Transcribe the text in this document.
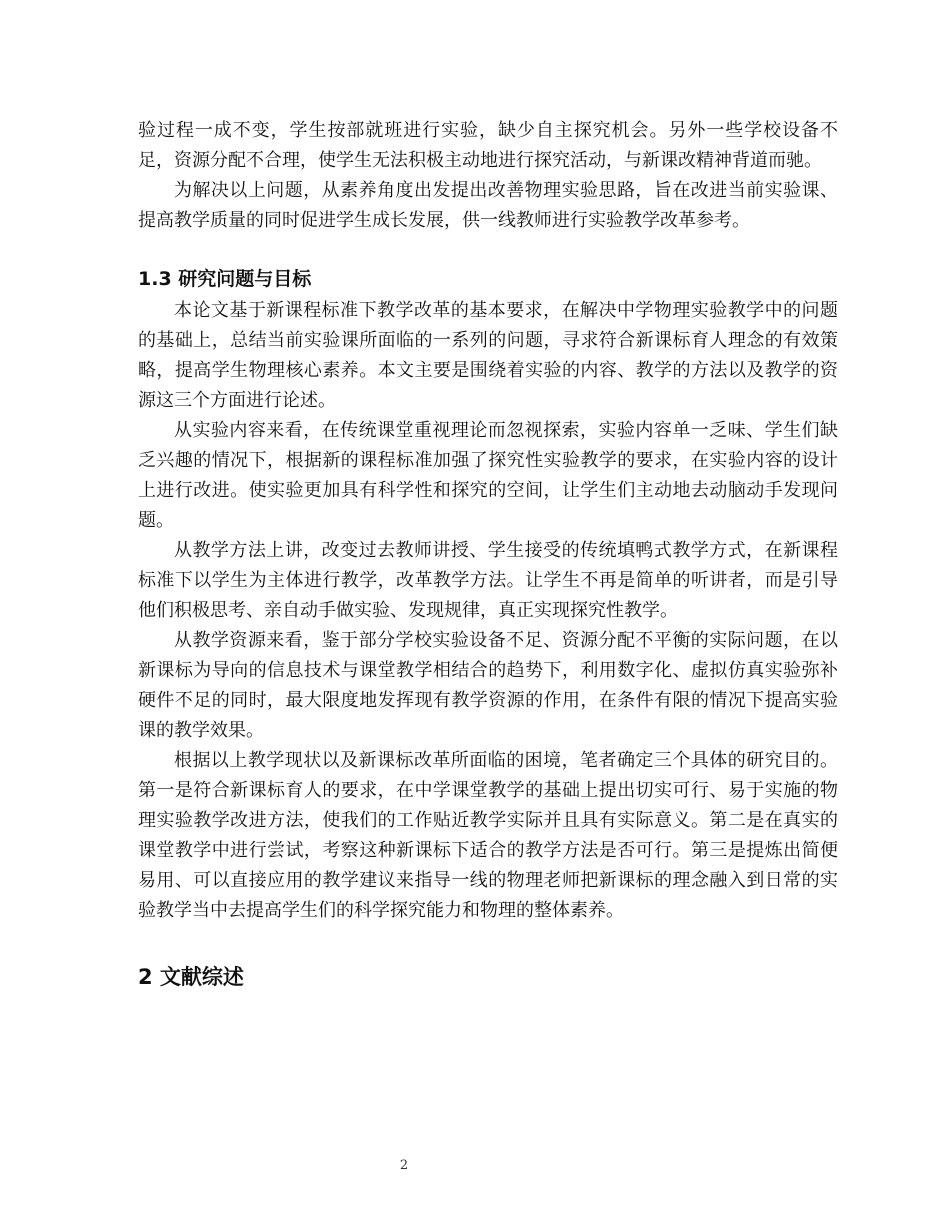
验过程一成不变，学生按部就班进行实验，缺少自主探究机会。另外一些学校设备不足，资源分配不合理，使学生无法积极主动地进行探究活动，与新课改精神背道而驰。

为解决以上问题，从素养角度出发提出改善物理实验思路，旨在改进当前实验课、提高教学质量的同时促进学生成长发展，供一线教师进行实验教学改革参考。

1.3 研究问题与目标

本论文基于新课程标准下教学改革的基本要求，在解决中学物理实验教学中的问题的基础上，总结当前实验课所面临的一系列的问题，寻求符合新课标育人理念的有效策略，提高学生物理核心素养。本文主要是围绕着实验的内容、教学的方法以及教学的资源这三个方面进行论述。

从实验内容来看，在传统课堂重视理论而忽视探索，实验内容单一乏味、学生们缺乏兴趣的情况下，根据新的课程标准加强了探究性实验教学的要求，在实验内容的设计上进行改进。使实验更加具有科学性和探究的空间，让学生们主动地去动脑动手发现问题。

从教学方法上讲，改变过去教师讲授、学生接受的传统填鸭式教学方式，在新课程标准下以学生为主体进行教学，改革教学方法。让学生不再是简单的听讲者，而是引导他们积极思考、亲自动手做实验、发现规律，真正实现探究性教学。

从教学资源来看，鉴于部分学校实验设备不足、资源分配不平衡的实际问题，在以新课标为导向的信息技术与课堂教学相结合的趋势下，利用数字化、虚拟仿真实验弥补硬件不足的同时，最大限度地发挥现有教学资源的作用，在条件有限的情况下提高实验课的教学效果。

根据以上教学现状以及新课标改革所面临的困境，笔者确定三个具体的研究目的。第一是符合新课标育人的要求，在中学课堂教学的基础上提出切实可行、易于实施的物理实验教学改进方法，使我们的工作贴近教学实际并且具有实际意义。第二是在真实的课堂教学中进行尝试，考察这种新课标下适合的教学方法是否可行。第三是提炼出简便易用、可以直接应用的教学建议来指导一线的物理老师把新课标的理念融入到日常的实验教学当中去提高学生们的科学探究能力和物理的整体素养。

2 文献综述
2
